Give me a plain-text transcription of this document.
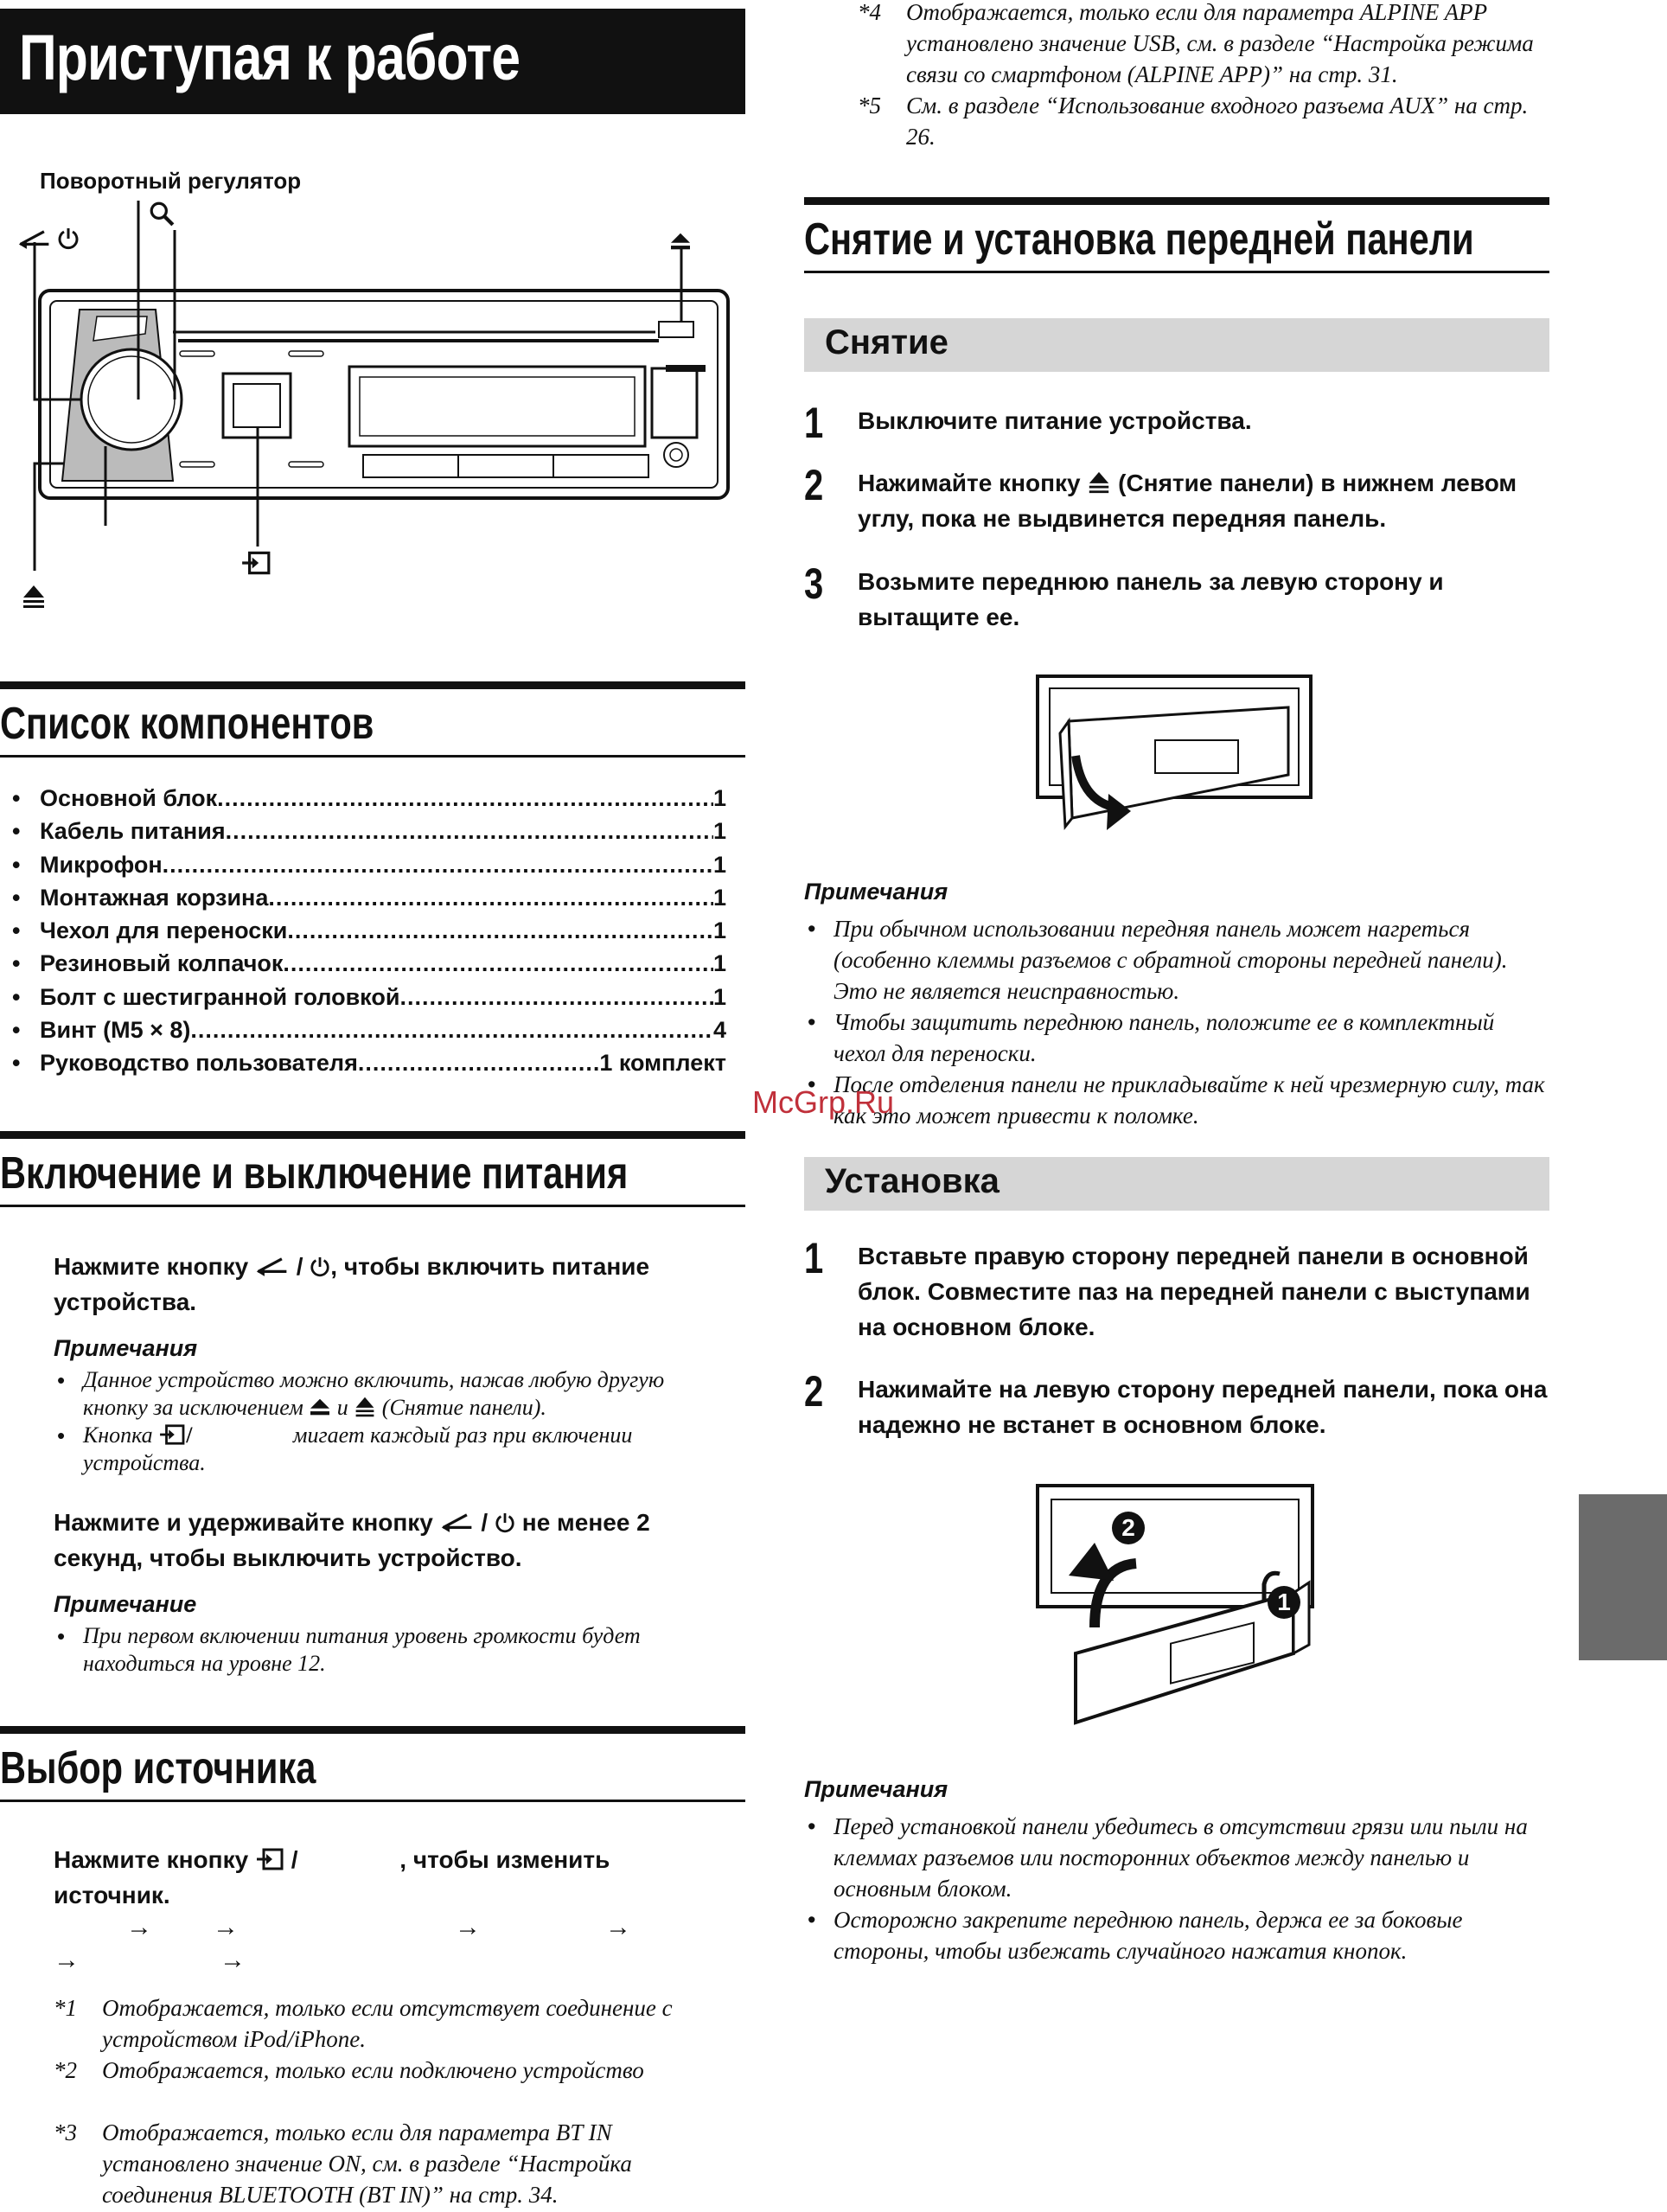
Приступая к работе
Поворотный регулятор
Список компонентов
• Основной блок .....	1
• Кабель питания .....	1
• Микрофон .....	1
• Монтажная корзина .....	1
• Чехол для переноски .....	1
• Резиновый колпачок .....	1
• Болт с шестигранной головкой .....	1
• Винт (M5 × 8) .....	4
• Руководство пользователя .....	1 комплект
Включение и выключение питания
Нажмите кнопку  / , чтобы включить питание устройства.
Примечания
• Данное устройство можно включить, нажав любую другую кнопку за исключением и (Снятие панели).
• Кнопка /	мигает каждый раз при включении устройства.
Нажмите и удерживайте кнопку  /  не менее 2 секунд, чтобы выключить устройство.
Примечание
• При первом включении питания уровень громкости будет находиться на уровне 12.
Выбор источника
Нажмите кнопку  /	, чтобы изменить источник.
→ →	→	→
→	→
*1 Отображается, только если отсутствует соединение с устройством iPod/iPhone.
*2 Отображается, только если подключено устройство
*3 Отображается, только если для параметра BT IN установлено значение ON, см. в разделе “Настройка соединения BLUETOOTH (BT IN)” на стр. 34.
*4 Отображается, только если для параметра ALPINE APP установлено значение USB, см. в разделе “Настройка режима связи со смартфоном (ALPINE APP)” на стр. 31.
*5 См. в разделе “Использование входного разъема AUX” на стр. 26.
Снятие и установка передней панели
Снятие
1 Выключите питание устройства.
2 Нажимайте кнопку (Снятие панели) в нижнем левом углу, пока не выдвинется передняя панель.
3 Возьмите переднюю панель за левую сторону и вытащите ее.
Примечания
• При обычном использовании передняя панель может нагреться (особенно клеммы разъемов с обратной стороны передней панели). Это не является неисправностью.
• Чтобы защитить переднюю панель, положите ее в комплектный чехол для переноски.
• После отделения панели не прикладывайте к ней чрезмерную силу, так как это может привести к поломке.
Установка
1 Вставьте правую сторону передней панели в основной блок. Совместите паз на передней панели с выступами на основном блоке.
2 Нажимайте на левую сторону передней панели, пока она надежно не встанет в основном блоке.
2
1
Примечания
• Перед установкой панели убедитесь в отсутствии грязи или пыли на клеммах разъемов или посторонних объектов между панелью и основным блоком.
• Осторожно закрепите переднюю панель, держа ее за боковые стороны, чтобы избежать случайного нажатия кнопок.
McGrp.Ru
